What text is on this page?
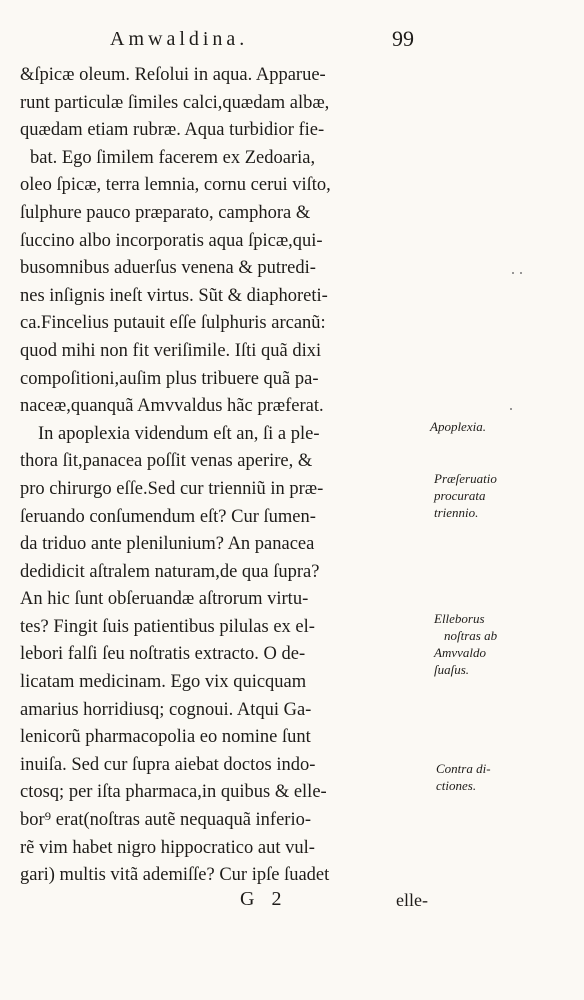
Amwaldina.	99
&ſpicæ oleum. Reſolui in aqua. Apparue-
runt particulæ ſimiles calci,quædam albæ,
quædam etiam rubræ. Aqua turbidior fie-
bat. Ego ſimilem facerem ex Zedoaria,
oleo ſpicæ, terra lemnia, cornu cerui viſto,
ſulphure pauco præparato, camphora &
ſuccino albo incorporatis aqua ſpicæ,qui-
busomnibus aduerſus venena & putredi-
nes inſignis ineſt virtus. Sũt & diaphoreti-
ca.Fincelius putauit eſſe ſulphuris arcanũ:
quod mihi non fit veriſimile. Iſti quã dixi
compoſitioni,auſim plus tribuere quã pa-
naceæ,quanquã Amvvaldus hãc præferat.
In apoplexia videndum eſt an, ſi a ple-
thora ſit,panacea poſſit venas aperire, &
pro chirurgo eſſe.Sed cur trienniũ in præ-
ſeruando conſumendum eſt? Cur ſumen-
da triduo ante plenilunium? An panacea
dedidicit aſtralem naturam,de qua ſupra?
An hic ſunt obſeruandæ aſtrorum virtu-
tes? Fingit ſuis patientibus pilulas ex el-
lebori falſi ſeu noſtratis extracto. O de-
licatam medicinam. Ego vix quicquam
amarius horridiusq; cognoui. Atqui Ga-
lenicorũ pharmacopolia eo nomine ſunt
inuiſa. Sed cur ſupra aiebat doctos indo-
ctosq; per iſta pharmaca,in quibus & elle-
bor⁹ erat(noſtras autẽ nequaquã inferio-
rẽ vim habet nigro hippocratico aut vul-
gari) multis vitã ademiſſe? Cur ipſe ſuadet
Apoplexia.
Præſeruatio
procurata
triennio.
Elleborus
noſtras ab
Amvvaldo
ſuaſus.
Contra di-
ctiones.
G 2	elle-
